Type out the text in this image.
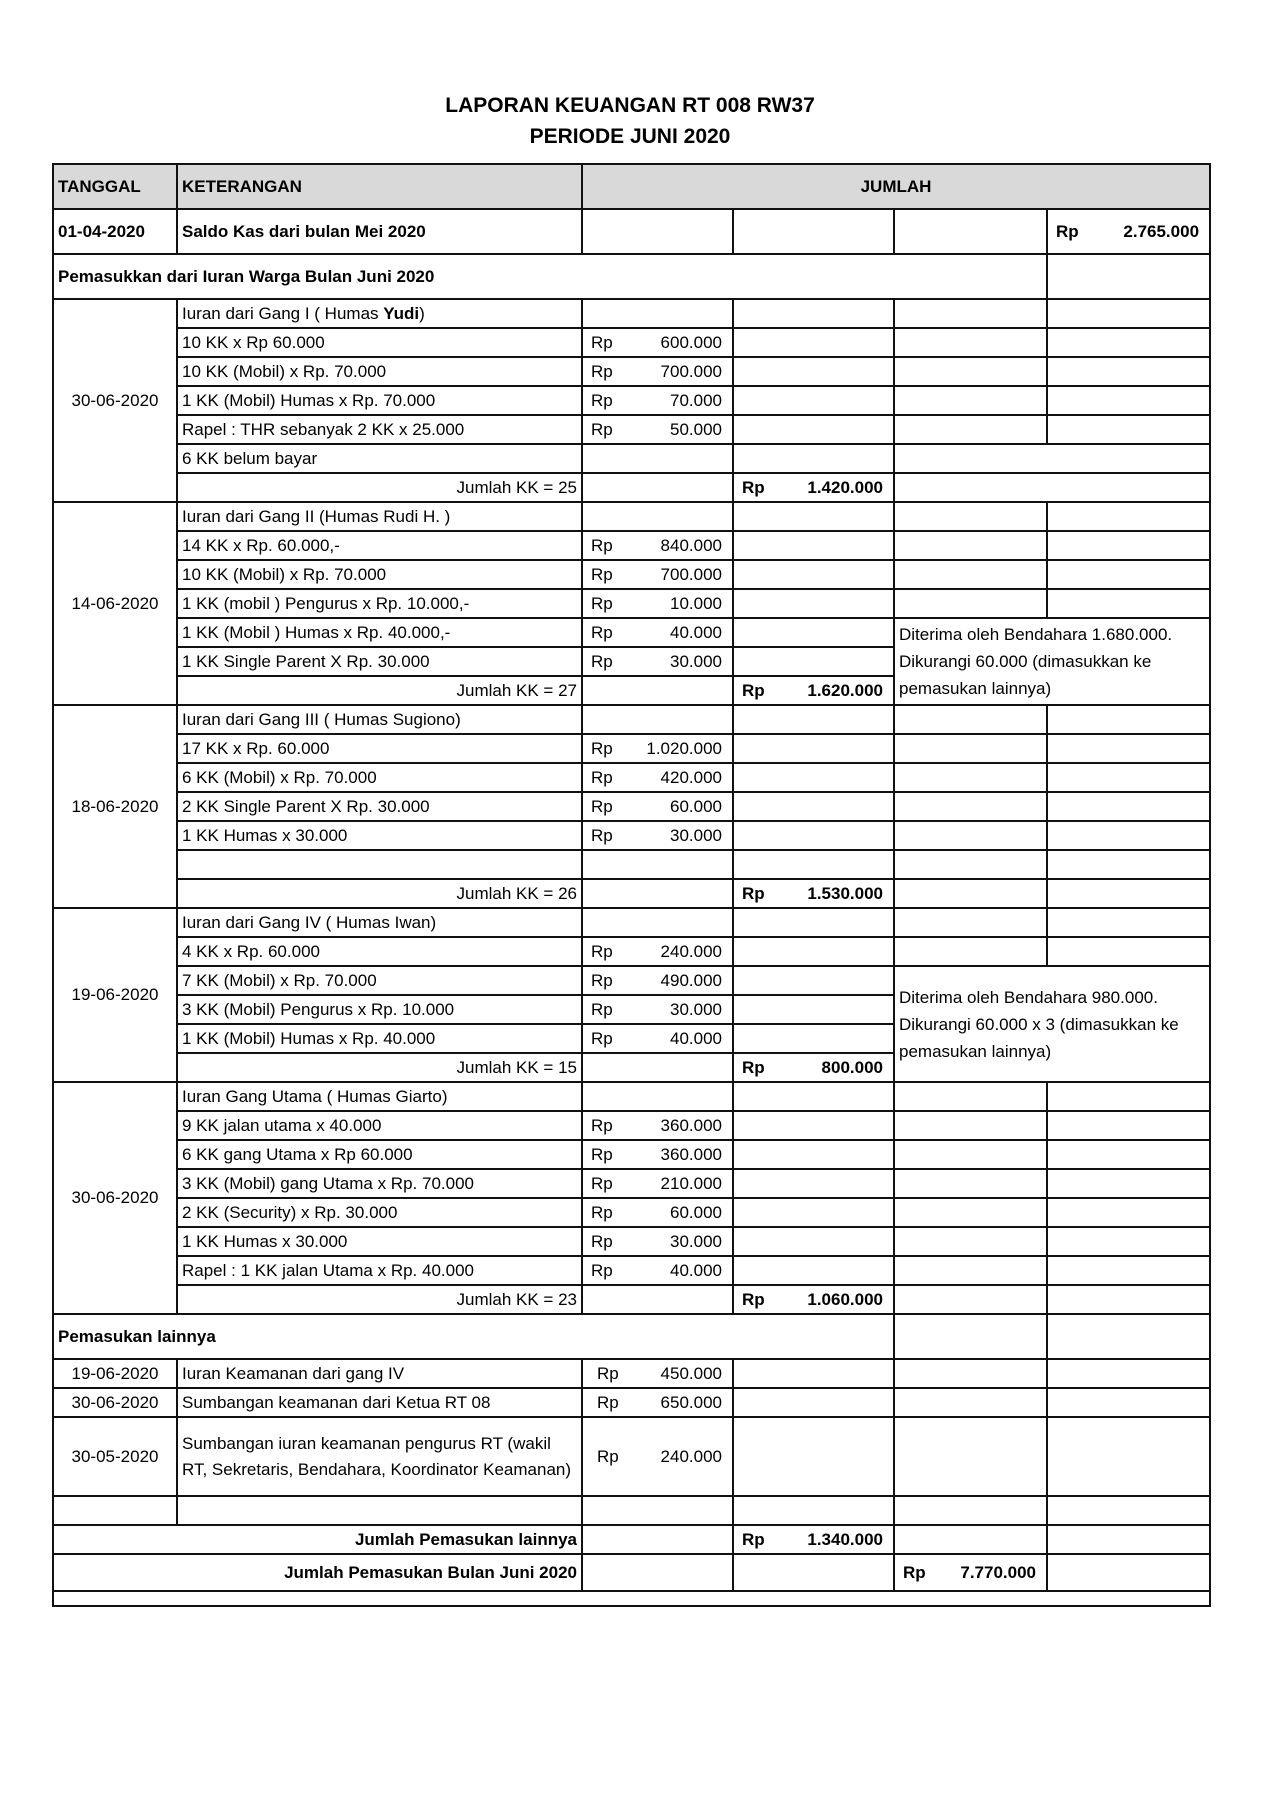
LAPORAN KEUANGAN RT 008 RW37
PERIODE JUNI 2020
TANGGAL	KETERANGAN	JUMLAH			
01-04-2020	Saldo Kas dari bulan Mei 2020				Rp 2.765.000

Pemasukkan dari Iuran Warga Bulan Juni 2020					
30-06-2020	Iuran dari Gang I ( Humas Yudi)				
	10 KK x Rp 60.000	Rp 600.000			

	10 KK (Mobil) x Rp. 70.000	Rp 700.000			

	1 KK (Mobil) Humas x Rp. 70.000	Rp 70.000			

	Rapel : THR sebanyak 2 KK x 25.000	Rp 50.000			

	6 KK belum bayar				
	Jumlah KK = 25		Rp 1.420.000		

14-06-2020	Iuran dari Gang II (Humas Rudi H. )				
	14 KK x Rp. 60.000,-	Rp 840.000			

	10 KK (Mobil) x Rp. 70.000	Rp 700.000			

	1 KK (mobil ) Pengurus x Rp. 10.000,-	Rp 10.000			

	1 KK (Mobil ) Humas x Rp. 40.000,-	Rp 40.000		Diterima oleh Bendahara 1.680.000. Dikurangi 60.000 (dimasukkan ke pemasukan lainnya)	
	1 KK Single Parent X Rp. 30.000	Rp 30.000			

	Jumlah KK = 27		Rp 1.620.000		

18-06-2020	Iuran dari Gang III ( Humas Sugiono)				
	17 KK x Rp. 60.000	Rp 1.020.000			

	6 KK (Mobil) x Rp. 70.000	Rp 420.000			

	2 KK Single Parent X Rp. 30.000	Rp 60.000			

	1 KK Humas x 30.000	Rp 30.000			

	Jumlah KK = 26		Rp 1.530.000		

19-06-2020	Iuran dari Gang IV ( Humas Iwan)				
	4 KK x Rp. 60.000	Rp 240.000			

	7 KK (Mobil) x Rp. 70.000	Rp 490.000		Diterima oleh Bendahara 980.000. Dikurangi 60.000 x 3 (dimasukkan ke pemasukan lainnya)	
	3 KK (Mobil) Pengurus x Rp. 10.000	Rp 30.000			

	1 KK (Mobil) Humas x Rp. 40.000	Rp 40.000			

	Jumlah KK = 15		Rp 800.000		

30-06-2020	Iuran Gang Utama ( Humas Giarto)				
	9 KK jalan utama x 40.000	Rp 360.000			

	6 KK gang Utama x Rp 60.000	Rp 360.000			

	3 KK (Mobil) gang Utama x Rp. 70.000	Rp 210.000			

	2 KK (Security) x Rp. 30.000	Rp 60.000			

	1 KK Humas x 30.000	Rp 30.000			

	Rapel : 1 KK jalan Utama x Rp. 40.000	Rp 40.000			

	Jumlah KK = 23		Rp 1.060.000		

Pemasukan lainnya					
19-06-2020	Iuran Keamanan dari gang IV	Rp 450.000			

30-06-2020	Sumbangan keamanan dari Ketua RT 08	Rp 650.000			

30-05-2020	Sumbangan iuran keamanan pengurus RT (wakil RT, Sekretaris, Bendahara, Koordinator Keamanan)	Rp 240.000			

Jumlah Pemasukan lainnya			Rp 1.340.000		

Jumlah Pemasukan Bulan Juni 2020				Rp 7.770.000	
